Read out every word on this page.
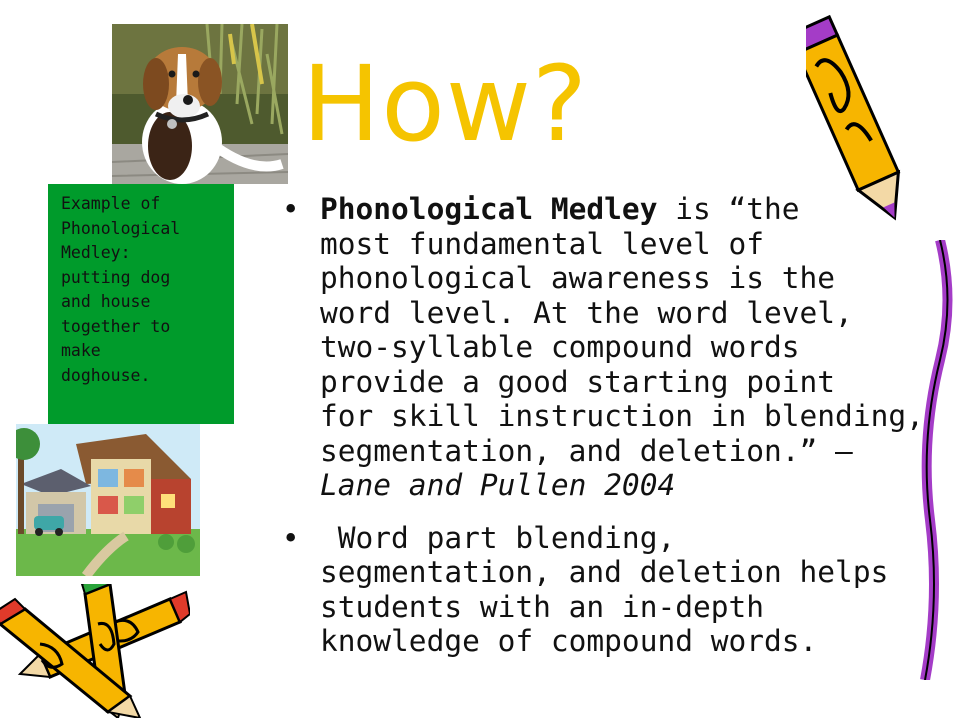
How?
Example of
Phonological
Medley:
putting dog
and house
together to
make
doghouse.
• Phonological Medley is “the
most fundamental level of
phonological awareness is the
word level. At the word level,
two-syllable compound words
provide a good starting point
for skill instruction in blending,
segmentation, and deletion.” –
Lane and Pullen 2004
• Word part blending,
segmentation, and deletion helps
students with an in-depth
knowledge of compound words.
